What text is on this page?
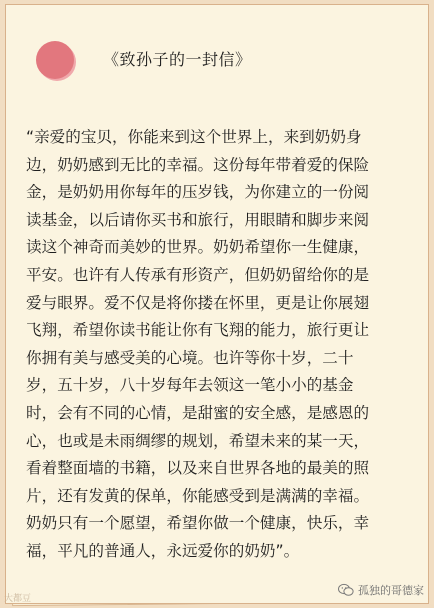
《致孙子的一封信》
“亲爱的宝贝，你能来到这个世界上，来到奶奶身
边，奶奶感到无比的幸福。这份每年带着爱的保险
金，是奶奶用你每年的压岁钱，为你建立的一份阅
读基金，以后请你买书和旅行，用眼睛和脚步来阅
读这个神奇而美妙的世界。奶奶希望你一生健康，
平安。也许有人传承有形资产，但奶奶留给你的是
爱与眼界。爱不仅是将你搂在怀里，更是让你展翅
飞翔，希望你读书能让你有飞翔的能力，旅行更让
你拥有美与感受美的心境。也许等你十岁，二十
岁，五十岁，八十岁每年去领这一笔小小的基金
时，会有不同的心情，是甜蜜的安全感，是感恩的
心，也或是未雨绸缪的规划，希望未来的某一天，
看着整面墙的书籍，以及来自世界各地的最美的照
片，还有发黄的保单，你能感受到是满满的幸福。
奶奶只有一个愿望，希望你做一个健康，快乐，幸
福，平凡的普通人，永远爱你的奶奶”。
大都豆
孤独的哥德家
